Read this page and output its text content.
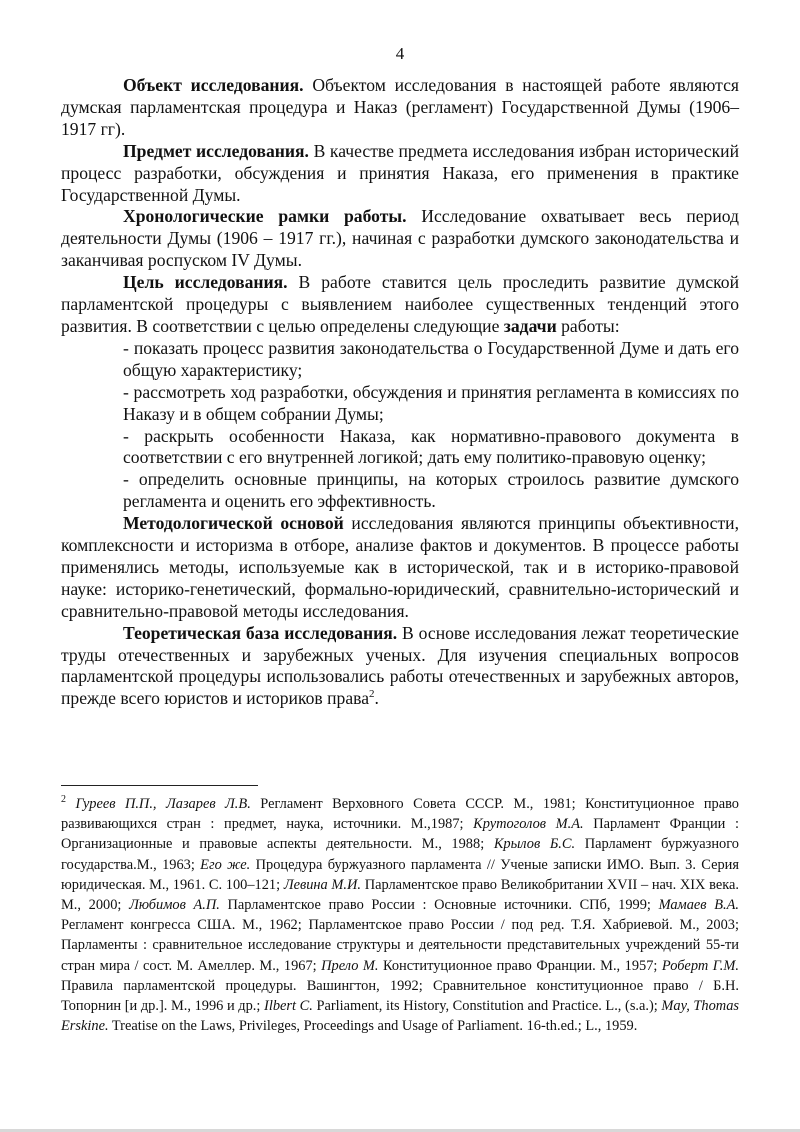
4

Объект исследования. Объектом исследования в настоящей работе являются думская парламентская процедура и Наказ (регламент) Государственной Думы (1906–1917 гг).

Предмет исследования. В качестве предмета исследования избран исторический процесс разработки, обсуждения и принятия Наказа, его применения в практике Государственной Думы.

Хронологические рамки работы. Исследование охватывает весь период деятельности Думы (1906 – 1917 гг.), начиная с разработки думского законодательства и заканчивая роспуском IV Думы.

Цель исследования. В работе ставится цель проследить развитие думской парламентской процедуры с выявлением наиболее существенных тенденций этого развития. В соответствии с целью определены следующие задачи работы:

- показать процесс развития законодательства о Государственной Думе и дать его общую характеристику;
- рассмотреть ход разработки, обсуждения и принятия регламента в комиссиях по Наказу и в общем собрании Думы;
- раскрыть особенности Наказа, как нормативно-правового документа в соответствии с его внутренней логикой; дать ему политико-правовую оценку;
- определить основные принципы, на которых строилось развитие думского регламента и оценить его эффективность.

Методологической основой исследования являются принципы объективности, комплексности и историзма в отборе, анализе фактов и документов. В процессе работы применялись методы, используемые как в исторической, так и в историко-правовой науке: историко-генетический, формально-юридический, сравнительно-исторический и сравнительно-правовой методы исследования.

Теоретическая база исследования. В основе исследования лежат теоретические труды отечественных и зарубежных ученых. Для изучения специальных вопросов парламентской процедуры использовались работы отечественных и зарубежных авторов, прежде всего юристов и историков права$^2$.

$^2$ Гуреев П.П., Лазарев Л.В. Регламент Верховного Совета СССР. М., 1981; Конституционное право развивающихся стран : предмет, наука, источники. М.,1987; Крутоголов М.А. Парламент Франции : Организационные и правовые аспекты деятельности. М., 1988; Крылов Б.С. Парламент буржуазного государства.М., 1963; Его же. Процедура буржуазного парламента // Ученые записки ИМО. Вып. 3. Серия юридическая. М., 1961. С. 100–121; Левина М.И. Парламентское право Великобритании XVII – нач. XIX века. М., 2000; Любимов А.П. Парламентское право России : Основные источники. СПб, 1999; Мамаев В.А. Регламент конгресса США. М., 1962; Парламентское право России / под ред. Т.Я. Хабриевой. М., 2003; Парламенты : сравнительное исследование структуры и деятельности представительных учреждений 55-ти стран мира / сост. М. Амеллер. М., 1967; Прело М. Конституционное право Франции. М., 1957; Роберт Г.М. Правила парламентской процедуры. Вашингтон, 1992; Сравнительное конституционное право / Б.Н. Топорнин [и др.]. М., 1996 и др.; Ilbert C. Parliament, its History, Constitution and Practice. L., (s.a.); May, Thomas Erskine. Treatise on the Laws, Privileges, Proceedings and Usage of Parliament. 16-th.ed.; L., 1959.
